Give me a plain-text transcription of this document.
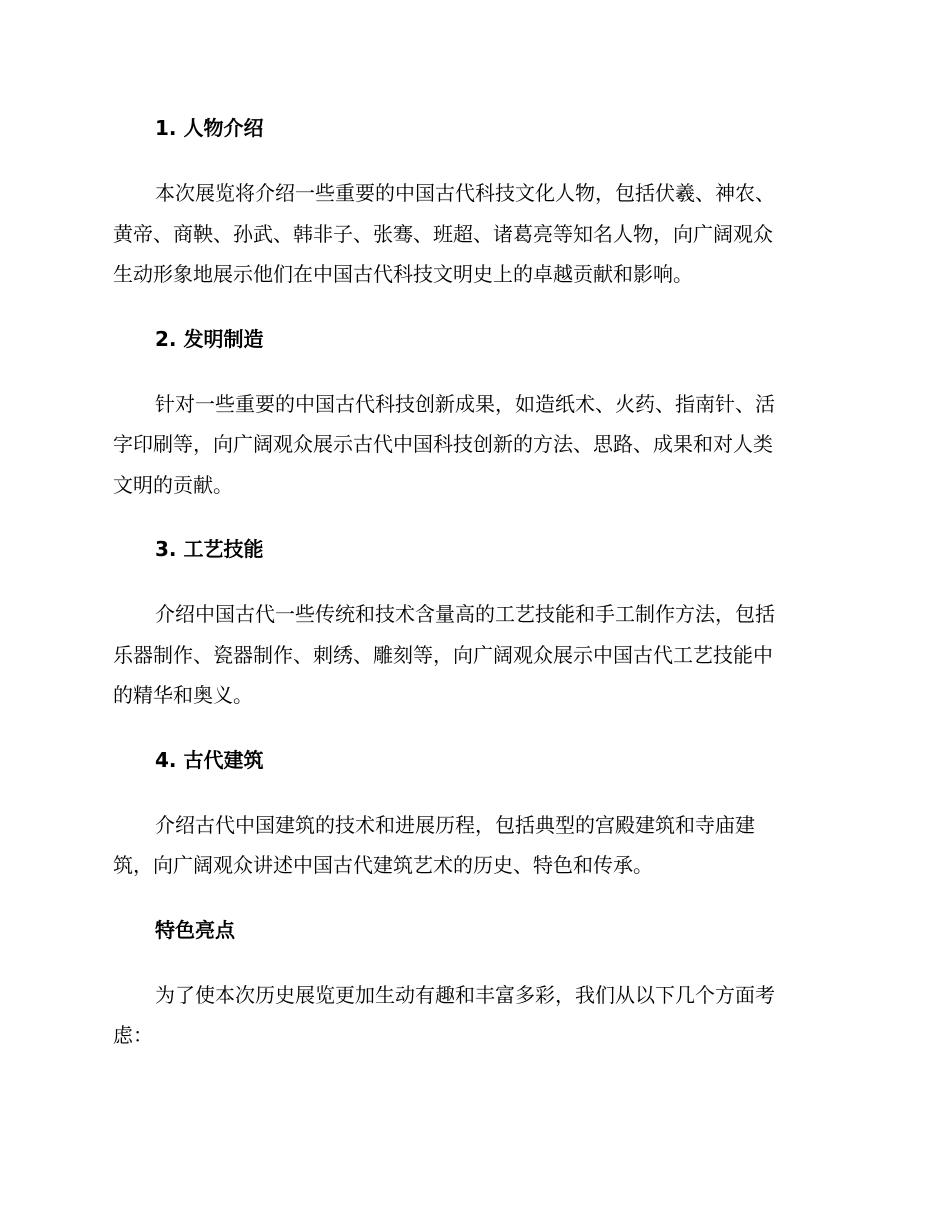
1. 人物介绍

本次展览将介绍一些重要的中国古代科技文化人物，包括伏羲、神农、
黄帝、商鞅、孙武、韩非子、张骞、班超、诸葛亮等知名人物，向广阔观众
生动形象地展示他们在中国古代科技文明史上的卓越贡献和影响。

2. 发明制造

针对一些重要的中国古代科技创新成果，如造纸术、火药、指南针、活
字印刷等，向广阔观众展示古代中国科技创新的方法、思路、成果和对人类
文明的贡献。

3. 工艺技能

介绍中国古代一些传统和技术含量高的工艺技能和手工制作方法，包括
乐器制作、瓷器制作、刺绣、雕刻等，向广阔观众展示中国古代工艺技能中
的精华和奥义。

4. 古代建筑

介绍古代中国建筑的技术和进展历程，包括典型的宫殿建筑和寺庙建
筑，向广阔观众讲述中国古代建筑艺术的历史、特色和传承。

特色亮点

为了使本次历史展览更加生动有趣和丰富多彩，我们从以下几个方面考
虑：
